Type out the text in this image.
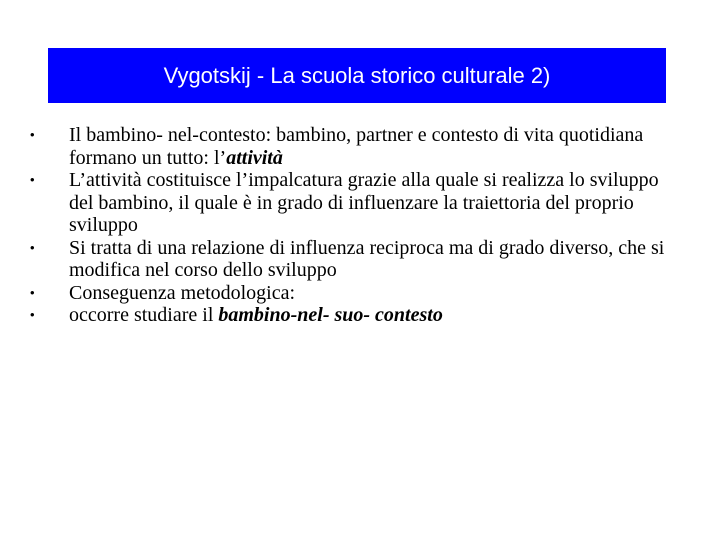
Vygotskij - La scuola storico culturale 2)
•	Il bambino- nel-contesto: bambino, partner e contesto di vita quotidiana formano un tutto: l’attività
•	L’attività costituisce l’impalcatura grazie alla quale si realizza lo sviluppo del bambino, il quale è in grado di influenzare la traiettoria del proprio sviluppo
•	Si tratta di una relazione di influenza reciproca ma di grado diverso, che si modifica nel corso dello sviluppo
•	Conseguenza metodologica:
•	occorre studiare il bambino-nel- suo- contesto
